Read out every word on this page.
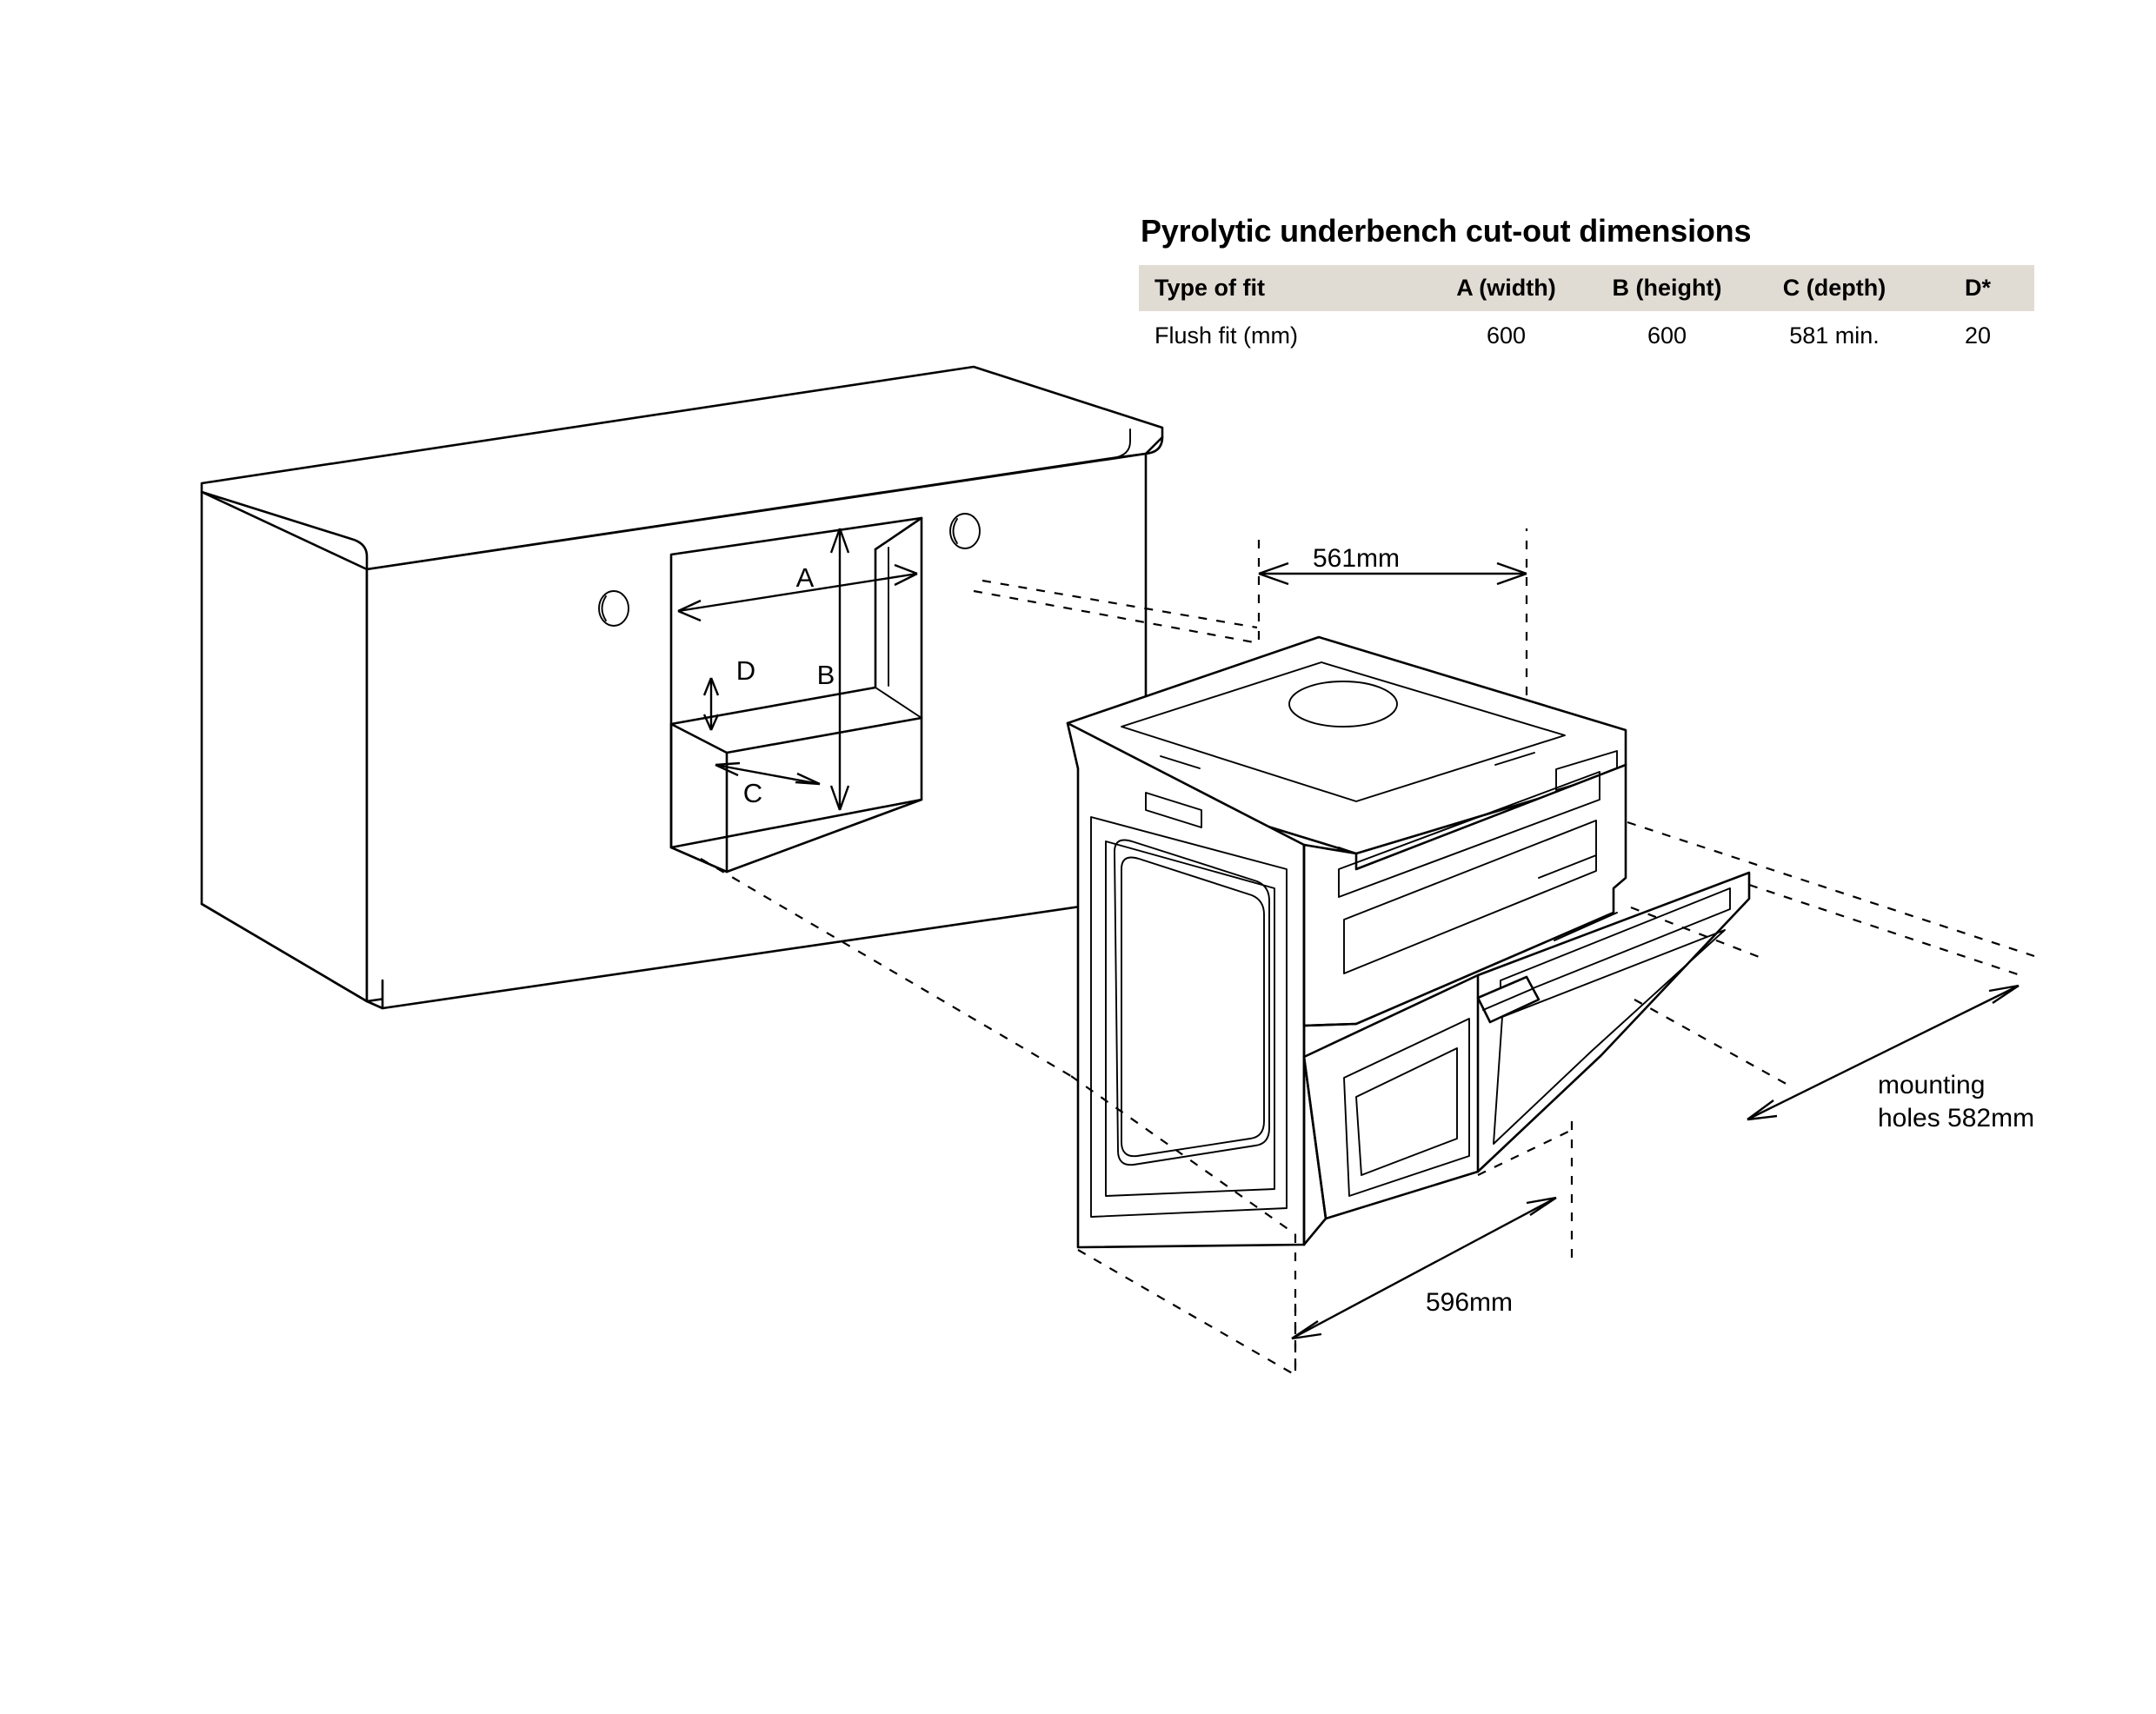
Pyrolytic underbench cut-out dimensions
Type of fit	A (width)	B (height)	C (depth)	D*
Flush fit (mm)	600	600	581 min.	20
A
B
C
D
561mm
596mm
mounting
holes 582mm
